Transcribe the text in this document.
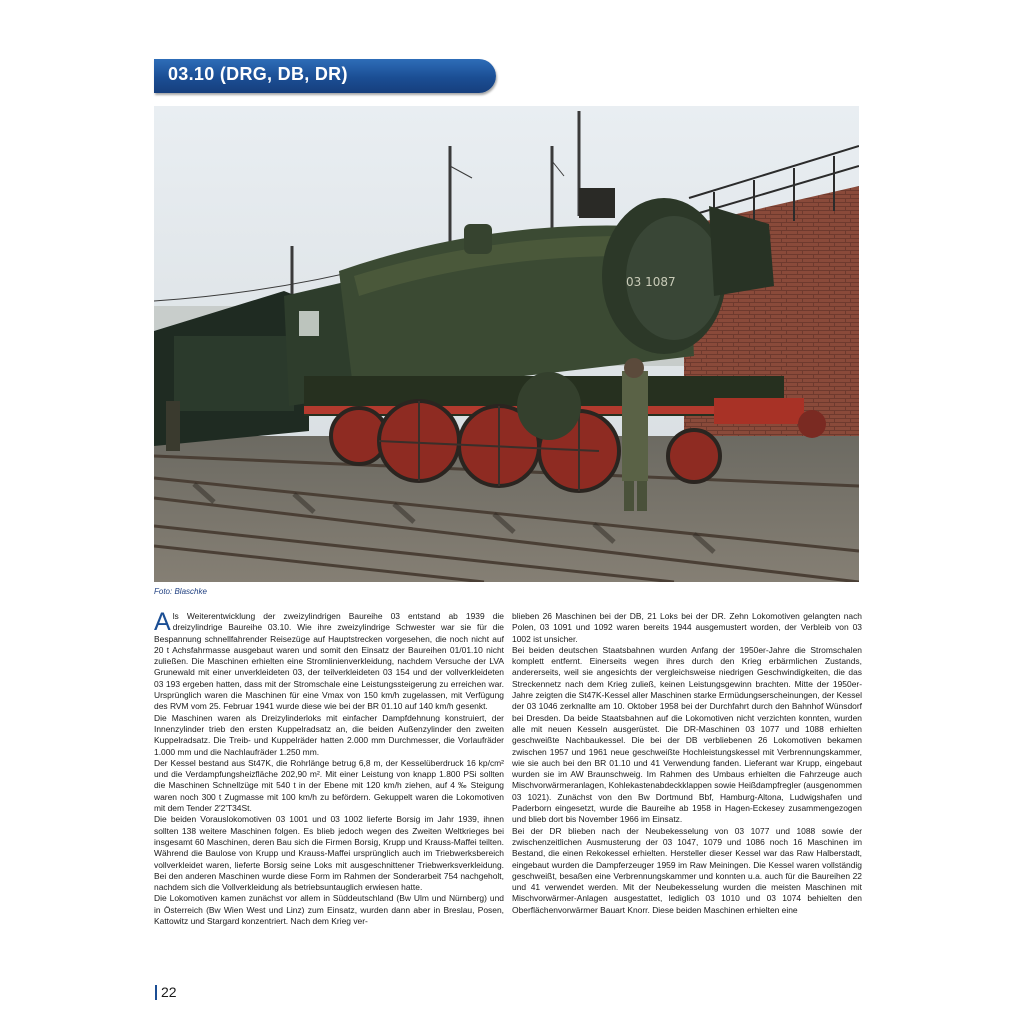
03.10 (DRG, DB, DR)
03 1087
Foto: Blaschke

Als Weiterentwicklung der zweizylindrigen Baureihe 03 entstand ab 1939 die dreizylindrige Baureihe 03.10. Wie ihre zweizylindrige Schwester war sie für die Bespannung schnellfahrender Reisezüge auf Hauptstrecken vorgesehen, die noch nicht auf 20 t Achsfahrmasse ausgebaut waren und somit den Einsatz der Baureihen 01/01.10 nicht zuließen. Die Maschinen erhielten eine Stromlinienverkleidung, nachdem Versuche der LVA Grunewald mit einer unverkleideten 03, der teilverkleideten 03 154 und der vollverkleideten 03 193 ergeben hatten, dass mit der Stromschale eine Leistungssteigerung zu erreichen war. Ursprünglich waren die Maschinen für eine Vmax von 150 km/h zugelassen, mit Verfügung des RVM vom 25. Februar 1941 wurde diese wie bei der BR 01.10 auf 140 km/h gesenkt.

Die Maschinen waren als Dreizylinderloks mit einfacher Dampfdehnung konstruiert, der Innenzylinder trieb den ersten Kuppelradsatz an, die beiden Außenzylinder den zweiten Kuppelradsatz. Die Treib- und Kuppelräder hatten 2.000 mm Durchmesser, die Vorlaufräder 1.000 mm und die Nachlaufräder 1.250 mm.

Der Kessel bestand aus St47K, die Rohrlänge betrug 6,8 m, der Kesselüberdruck 16 kp/cm² und die Verdampfungsheizfläche 202,90 m². Mit einer Leistung von knapp 1.800 PSi sollten die Maschinen Schnellzüge mit 540 t in der Ebene mit 120 km/h ziehen, auf 4 ‰ Steigung waren noch 300 t Zugmasse mit 100 km/h zu befördern. Gekuppelt waren die Lokomotiven mit dem Tender 2'2'T34St.

Die beiden Vorauslokomotiven 03 1001 und 03 1002 lieferte Borsig im Jahr 1939, ihnen sollten 138 weitere Maschinen folgen. Es blieb jedoch wegen des Zweiten Weltkrieges bei insgesamt 60 Maschinen, deren Bau sich die Firmen Borsig, Krupp und Krauss-Maffei teilten. Während die Baulose von Krupp und Krauss-Maffei ursprünglich auch im Triebwerksbereich vollverkleidet waren, lieferte Borsig seine Loks mit ausgeschnittener Triebwerksverkleidung. Bei den anderen Maschinen wurde diese Form im Rahmen der Sonderarbeit 754 nachgeholt, nachdem sich die Vollverkleidung als betriebsuntauglich erwiesen hatte.

Die Lokomotiven kamen zunächst vor allem in Süddeutschland (Bw Ulm und Nürnberg) und in Österreich (Bw Wien West und Linz) zum Einsatz, wurden dann aber in Breslau, Posen, Kattowitz und Stargard konzentriert. Nach dem Krieg ver-

blieben 26 Maschinen bei der DB, 21 Loks bei der DR. Zehn Lokomotiven gelangten nach Polen, 03 1091 und 1092 waren bereits 1944 ausgemustert worden, der Verbleib von 03 1002 ist unsicher.

Bei beiden deutschen Staatsbahnen wurden Anfang der 1950er-Jahre die Stromschalen komplett entfernt. Einerseits wegen ihres durch den Krieg erbärmlichen Zustands, andererseits, weil sie angesichts der vergleichsweise niedrigen Geschwindigkeiten, die das Streckennetz nach dem Krieg zuließ, keinen Leistungsgewinn brachten. Mitte der 1950er-Jahre zeigten die St47K-Kessel aller Maschinen starke Ermüdungserscheinungen, der Kessel der 03 1046 zerknallte am 10. Oktober 1958 bei der Durchfahrt durch den Bahnhof Wünsdorf bei Dresden. Da beide Staatsbahnen auf die Lokomotiven nicht verzichten konnten, wurden alle mit neuen Kesseln ausgerüstet. Die DR-Maschinen 03 1077 und 1088 erhielten geschweißte Nachbaukessel. Die bei der DB verbliebenen 26 Lokomotiven bekamen zwischen 1957 und 1961 neue geschweißte Hochleistungskessel mit Verbrennungskammer, wie sie auch bei den BR 01.10 und 41 Verwendung fanden. Lieferant war Krupp, eingebaut wurden sie im AW Braunschweig. Im Rahmen des Umbaus erhielten die Fahrzeuge auch Mischvorwärmeranlagen, Kohlekastenabdeckklappen sowie Heißdampfregler (ausgenommen 03 1021). Zunächst von den Bw Dortmund Bbf, Hamburg-Altona, Ludwigshafen und Paderborn eingesetzt, wurde die Baureihe ab 1958 in Hagen-Eckesey zusammengezogen und blieb dort bis November 1966 im Einsatz.

Bei der DR blieben nach der Neubekesselung von 03 1077 und 1088 sowie der zwischenzeitlichen Ausmusterung der 03 1047, 1079 und 1086 noch 16 Maschinen im Bestand, die einen Rekokessel erhielten. Hersteller dieser Kessel war das Raw Halberstadt, eingebaut wurden die Dampferzeuger 1959 im Raw Meiningen. Die Kessel waren vollständig geschweißt, besaßen eine Verbrennungskammer und konnten u.a. auch für die Baureihen 22 und 41 verwendet werden. Mit der Neubekesselung wurden die meisten Maschinen mit Mischvorwärmer-Anlagen ausgestattet, lediglich 03 1010 und 03 1074 behielten den Oberflächenvorwärmer Bauart Knorr. Diese beiden Maschinen erhielten eine

22
